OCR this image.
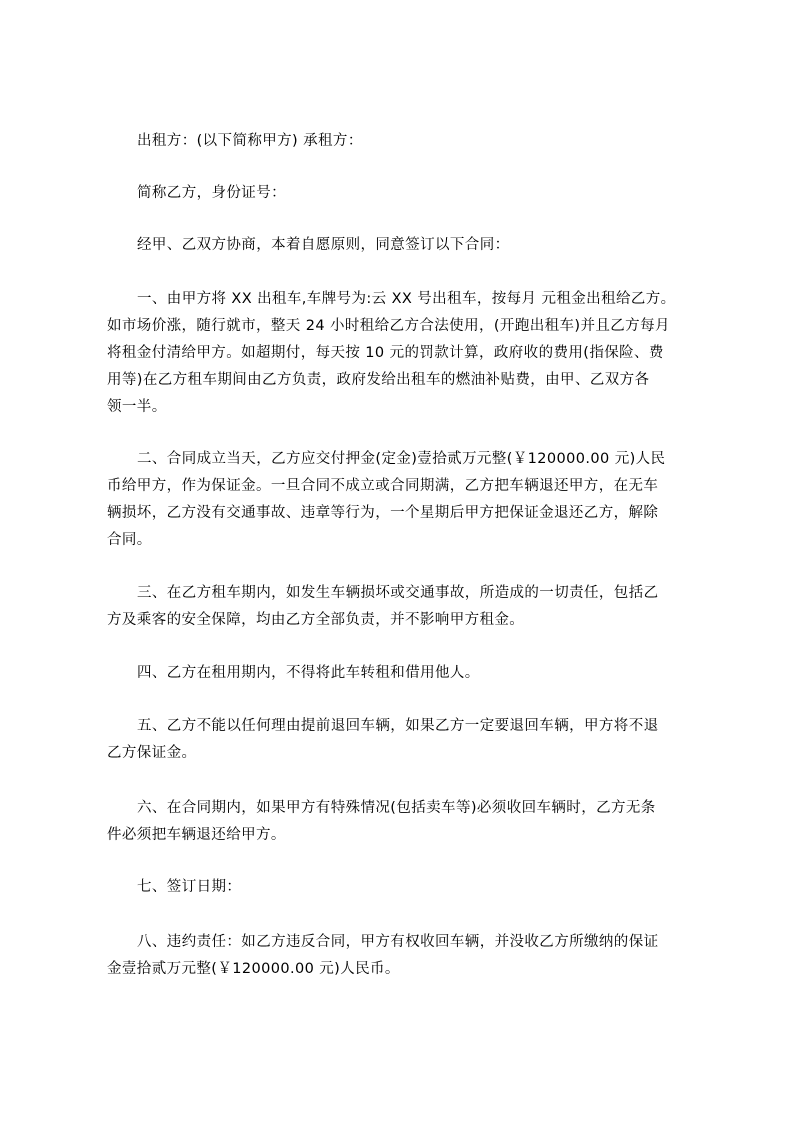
出租方：(以下简称甲方) 承租方：
简称乙方，身份证号：
经甲、乙双方协商，本着自愿原则，同意签订以下合同：
一、由甲方将 XX 出租车,车牌号为:云 XX 号出租车，按每月 元租金出租给乙方。
如市场价涨，随行就市，整天 24 小时租给乙方合法使用，(开跑出租车)并且乙方每月
将租金付清给甲方。如超期付，每天按 10 元的罚款计算，政府收的费用(指保险、费
用等)在乙方租车期间由乙方负责，政府发给出租车的燃油补贴费，由甲、乙双方各
领一半。
二、合同成立当天，乙方应交付押金(定金)壹拾贰万元整(￥120000.00 元)人民
币给甲方，作为保证金。一旦合同不成立或合同期满，乙方把车辆退还甲方，在无车
辆损坏，乙方没有交通事故、违章等行为，一个星期后甲方把保证金退还乙方，解除
合同。
三、在乙方租车期内，如发生车辆损坏或交通事故，所造成的一切责任，包括乙
方及乘客的安全保障，均由乙方全部负责，并不影响甲方租金。
四、乙方在租用期内，不得将此车转租和借用他人。
五、乙方不能以任何理由提前退回车辆，如果乙方一定要退回车辆，甲方将不退
乙方保证金。
六、在合同期内，如果甲方有特殊情况(包括卖车等)必须收回车辆时，乙方无条
件必须把车辆退还给甲方。
七、签订日期：
八、违约责任：如乙方违反合同，甲方有权收回车辆，并没收乙方所缴纳的保证
金壹拾贰万元整(￥120000.00 元)人民币。
